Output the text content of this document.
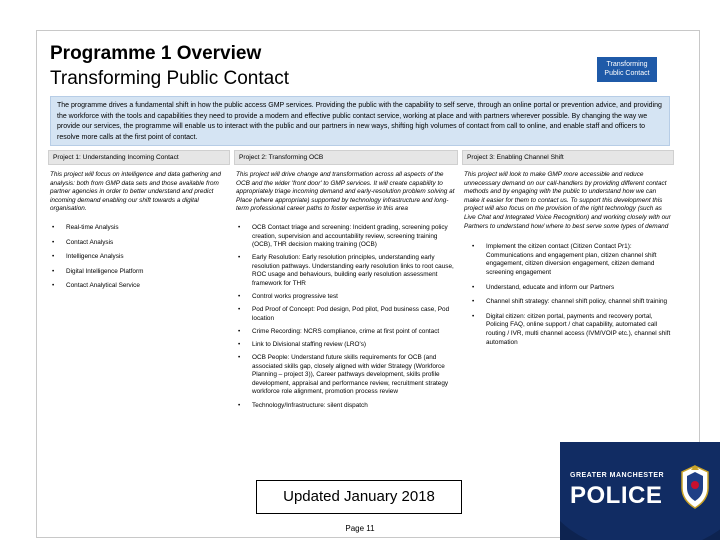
Programme 1 Overview
Transforming Public Contact
Transforming Public Contact
The programme drives a fundamental shift in how the public access GMP services. Providing the public with the capability to self serve, through an online portal or prevention advice, and providing the workforce with the tools and capabilities they need to provide a modern and effective public contact service, working at place and with partners wherever possible. By changing the way we provide our services, the programme will enable us to interact with the public and our partners in new ways, shifting high volumes of contact from call to online, and enable staff and officers to resolve more calls at the first point of contact.
Project 1: Understanding Incoming Contact
This project will focus on intelligence and data gathering and analysis: both from GMP data sets and those available from partner agencies in order to better understand and predict incoming demand enabling our shift towards a digital organisation.
• Real-time Analysis
• Contact Analysis
• Intelligence Analysis
• Digital Intelligence Platform
• Contact Analytical Service
Project 2: Transforming OCB
This project will drive change and transformation across all aspects of the OCB and the wider 'front door' to GMP services. It will create capability to appropriately triage incoming demand and early-resolution problem solving at Place (where appropriate) supported by technology infrastructure and long-term professional career paths to foster expertise in this area
• OCB Contact triage and screening: Incident grading, screening policy creation, supervision and accountability review, screening training (OCB), THR decision making training (OCB)
• Early Resolution: Early resolution principles, understanding early resolution pathways. Understanding early resolution links to root cause, ROC usage and behaviours, building early resolution assessment framework for THR
• Control works progressive test
• Pod Proof of Concept: Pod design, Pod pilot, Pod business case, Pod location
• Crime Recording: NCRS compliance, crime at first point of contact
• Link to Divisional staffing review (LRO's)
• OCB People: Understand future skills requirements for OCB (and associated skills gap, closely aligned with wider Strategy (Workforce Planning – project 3)), Career pathways development, skills profile development, appraisal and performance review, recruitment strategy workforce role alignment, promotion process review
• Technology/Infrastructure: silent dispatch
Project 3: Enabling Channel Shift
This project will look to make GMP more accessible and reduce unnecessary demand on our call-handlers by providing different contact methods and by engaging with the public to understand how we can make it easier for them to contact us. To support this development this project will also focus on the provision of the right technology (such as Live Chat and Integrated Voice Recognition) and working closely with our Partners to understand how/ where to best serve some types of demand
• Implement the citizen contact (Citizen Contact Pr1): Communications and engagement plan, citizen channel shift engagement, citizen diversion engagement, citizen demand screening engagement
• Understand, educate and inform our Partners
• Channel shift strategy: channel shift policy, channel shift training
• Digital citizen: citizen portal, payments and recovery portal, Policing FAQ, online support / chat capability, automated call routing / IVR, multi channel access (IVM/VOIP etc.), channel shift automation
GREATER MANCHESTER
POLICE
Updated January 2018
Page 11
